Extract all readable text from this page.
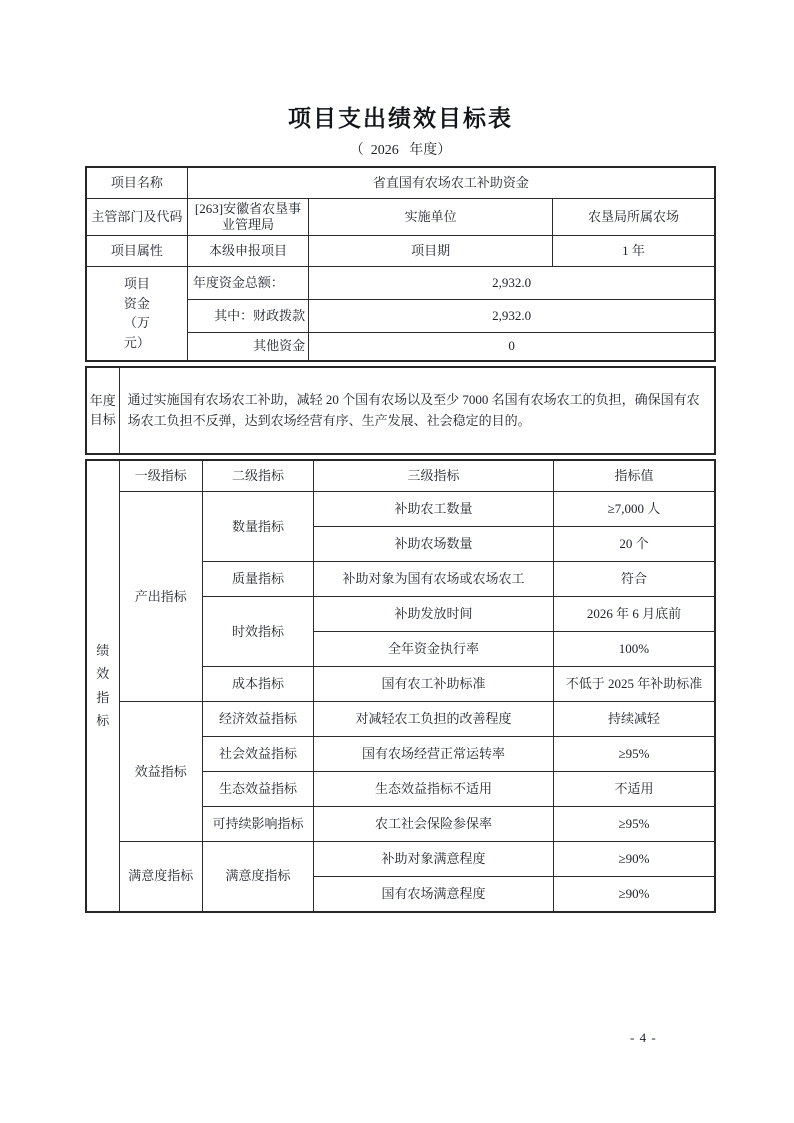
项目支出绩效目标表
（  2026   年度）
项目名称	省直国有农场农工补助资金		
主管部门及代码	[263]安徽省农垦事业管理局	实施单位	农垦局所属农场
项目属性	本级申报项目	项目期	1 年
项目资金（万元）	年度资金总额：	2,932.0	
	其中：财政拨款	2,932.0	
	其他资金	0	
年度目标	通过实施国有农场农工补助，减轻 20 个国有农场以及至少 7000 名国有农场农工的负担，确保国有农场农工负担不反弹，达到农场经营有序、生产发展、社会稳定的目的。
绩效指标	一级指标	二级指标	三级指标	指标值
	产出指标	数量指标	补助农工数量	≥7,000 人
			补助农场数量	20 个
		质量指标	补助对象为国有农场或农场农工	符合
		时效指标	补助发放时间	2026 年 6 月底前
			全年资金执行率	100%
		成本指标	国有农工补助标准	不低于 2025 年补助标准
	效益指标	经济效益指标	对减轻农工负担的改善程度	持续减轻
		社会效益指标	国有农场经营正常运转率	≥95%
		生态效益指标	生态效益指标不适用	不适用
		可持续影响指标	农工社会保险参保率	≥95%
	满意度指标	满意度指标	补助对象满意程度	≥90%
			国有农场满意程度	≥90%
- 4 -
